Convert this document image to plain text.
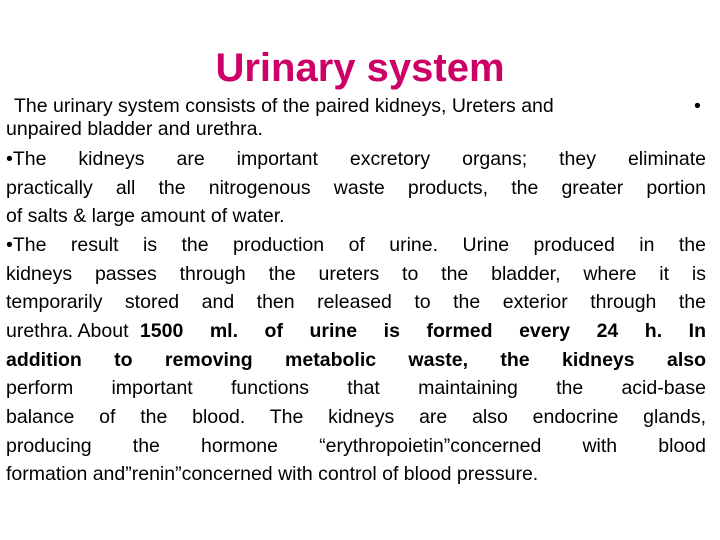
Urinary system
The urinary system consists of the paired kidneys, Ureters and	•
unpaired bladder and urethra.
•The kidneys are important excretory organs; they eliminate
practically all the nitrogenous waste products, the greater portion
of salts & large amount of water.
•The result is the production of urine. Urine produced in the
kidneys passes through the ureters to the bladder, where it is
temporarily stored and then released to the exterior through the
urethra. About 1500 ml. of urine is formed every 24 h. In
addition to removing metabolic waste, the kidneys also
perform important functions that maintaining the acid-base
balance of the blood. The kidneys are also endocrine glands,
producing the hormone “erythropoietin”concerned with blood
formation and”renin”concerned with control of blood pressure.
